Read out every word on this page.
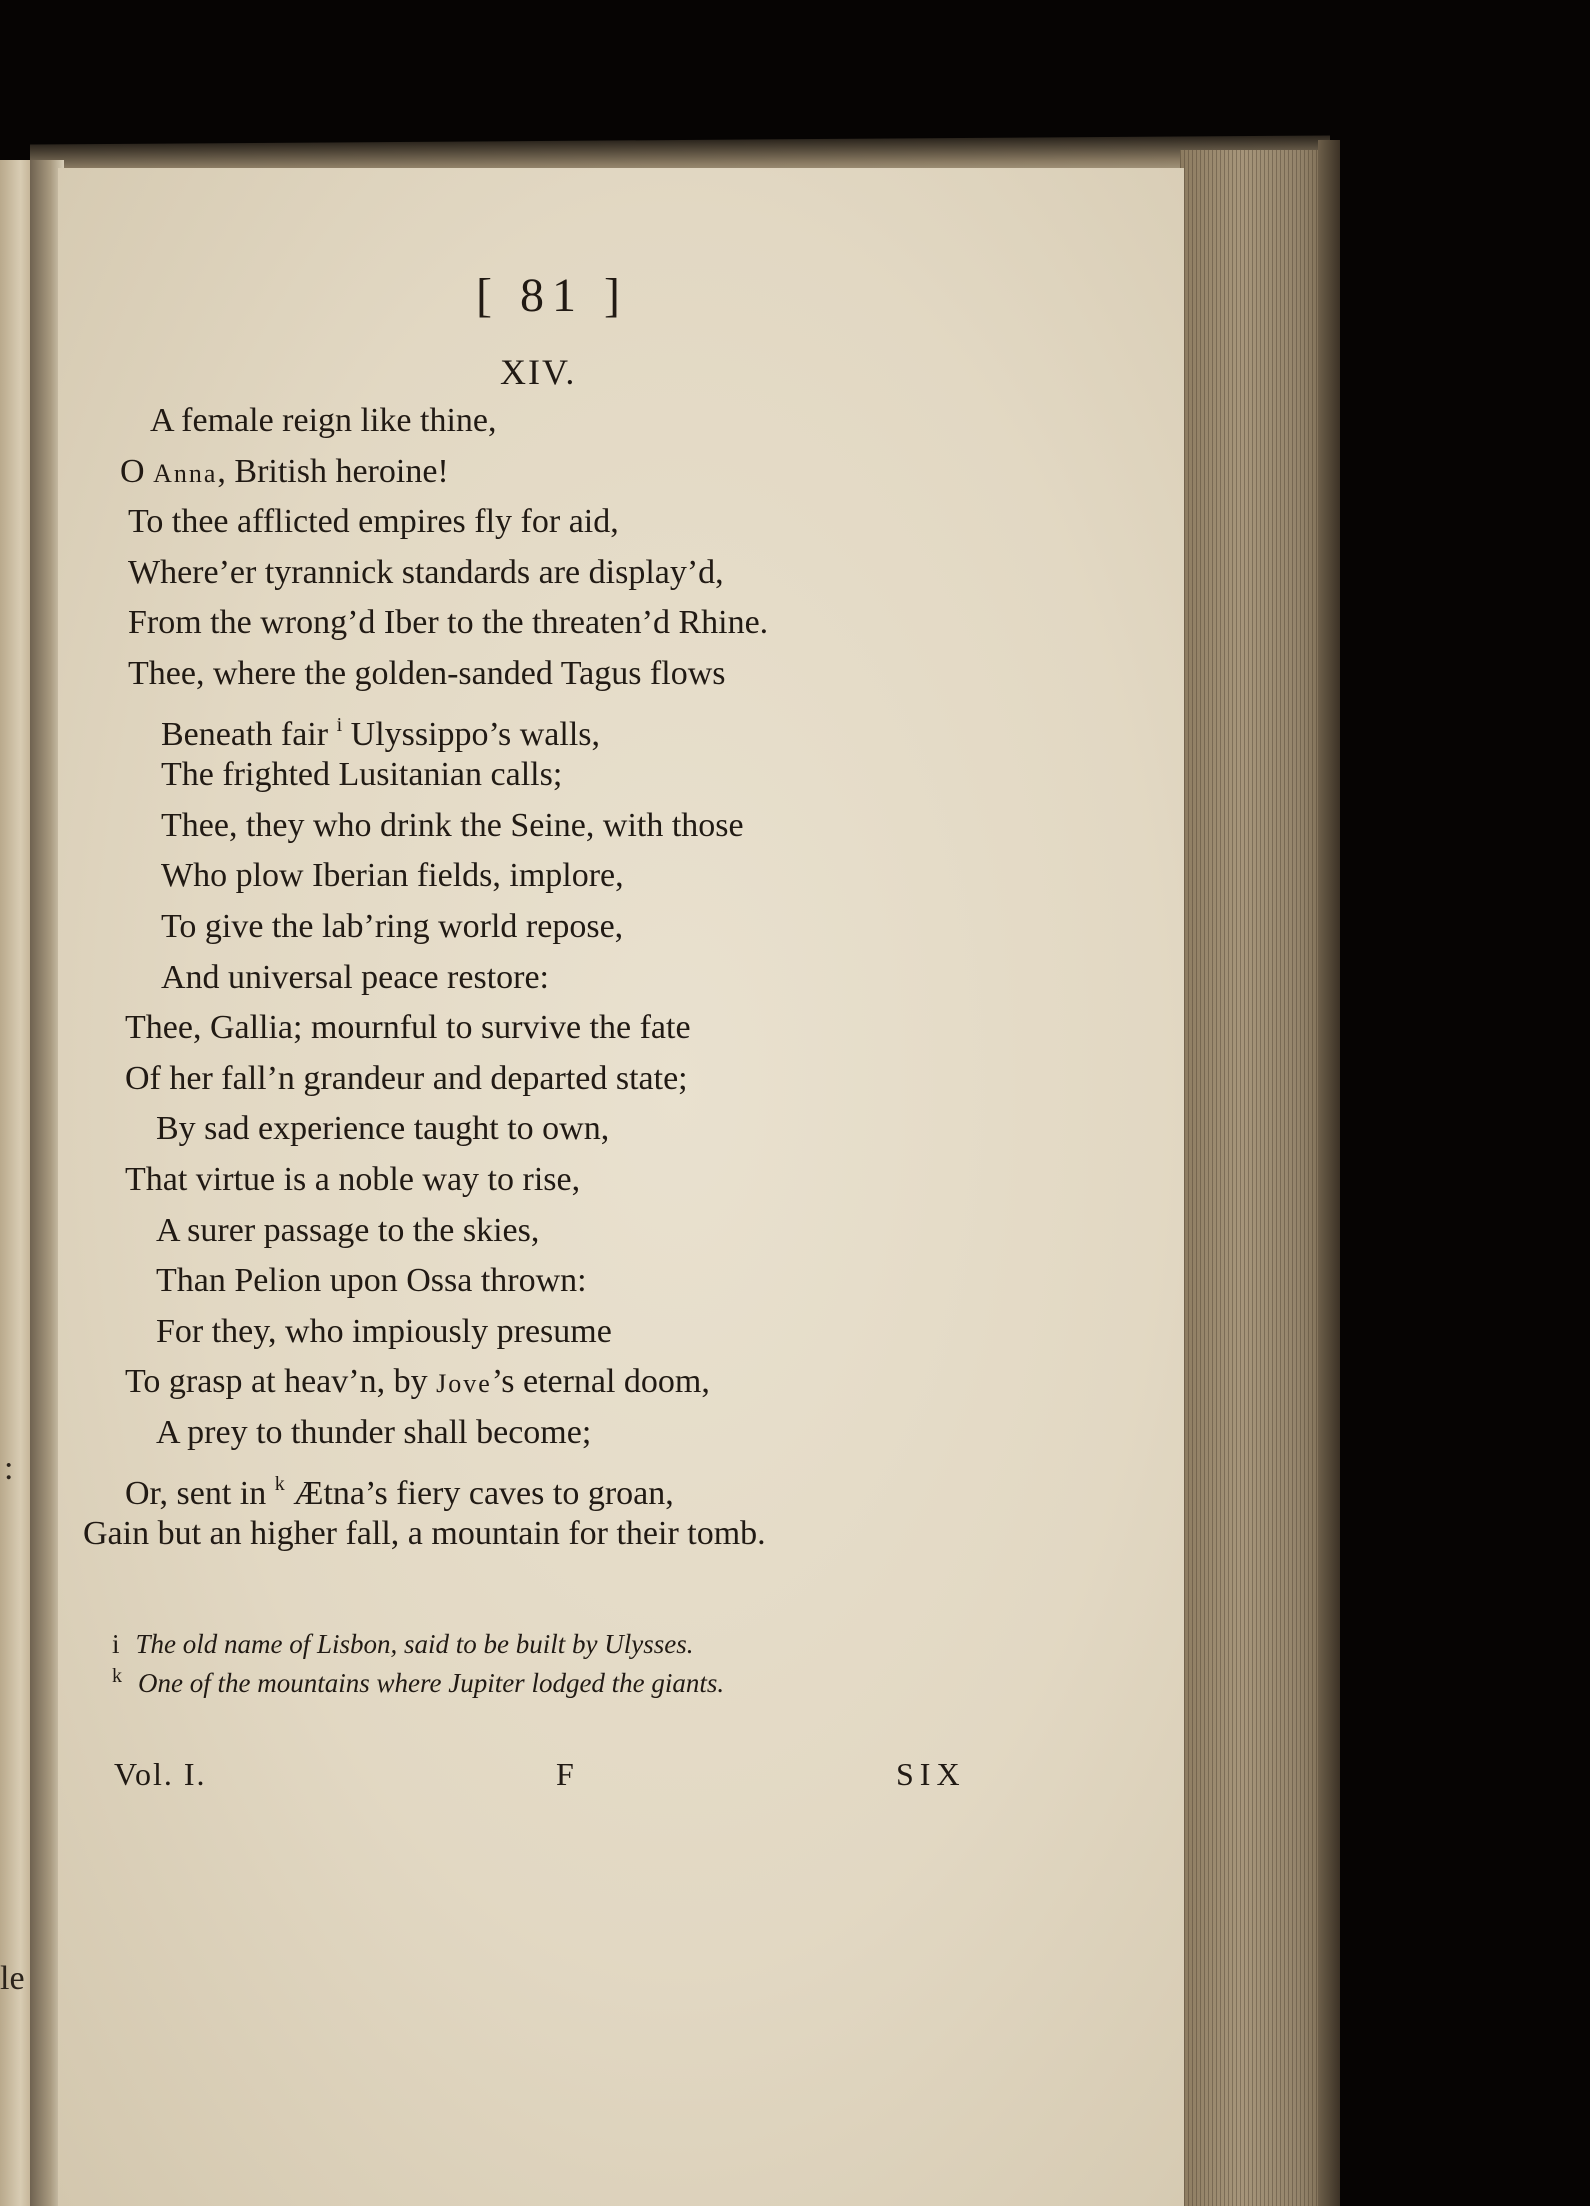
:
le
[ 81 ]
XIV.
A female reign like thine,
O Anna, British heroine!
To thee afflicted empires fly for aid,
Where’er tyrannick standards are display’d,
From the wrong’d Iber to the threaten’d Rhine.
Thee, where the golden-sanded Tagus flows
Beneath fair $^i$ Ulyssippo’s walls,
The frighted Lusitanian calls;
Thee, they who drink the Seine, with those
Who plow Iberian fields, implore,
To give the lab’ring world repose,
And universal peace restore:
Thee, Gallia; mournful to survive the fate
Of her fall’n grandeur and departed state;
By sad experience taught to own,
That virtue is a noble way to rise,
A surer passage to the skies,
Than Pelion upon Ossa thrown:
For they, who impiously presume
To grasp at heav’n, by Jove’s eternal doom,
A prey to thunder shall become;
Or, sent in $^k$ Ætna’s fiery caves to groan,
Gain but an higher fall, a mountain for their tomb.
i The old name of Lisbon, said to be built by Ulysses.
$^k$ One of the mountains where Jupiter lodged the giants.
Vol. I.	F	SIX
